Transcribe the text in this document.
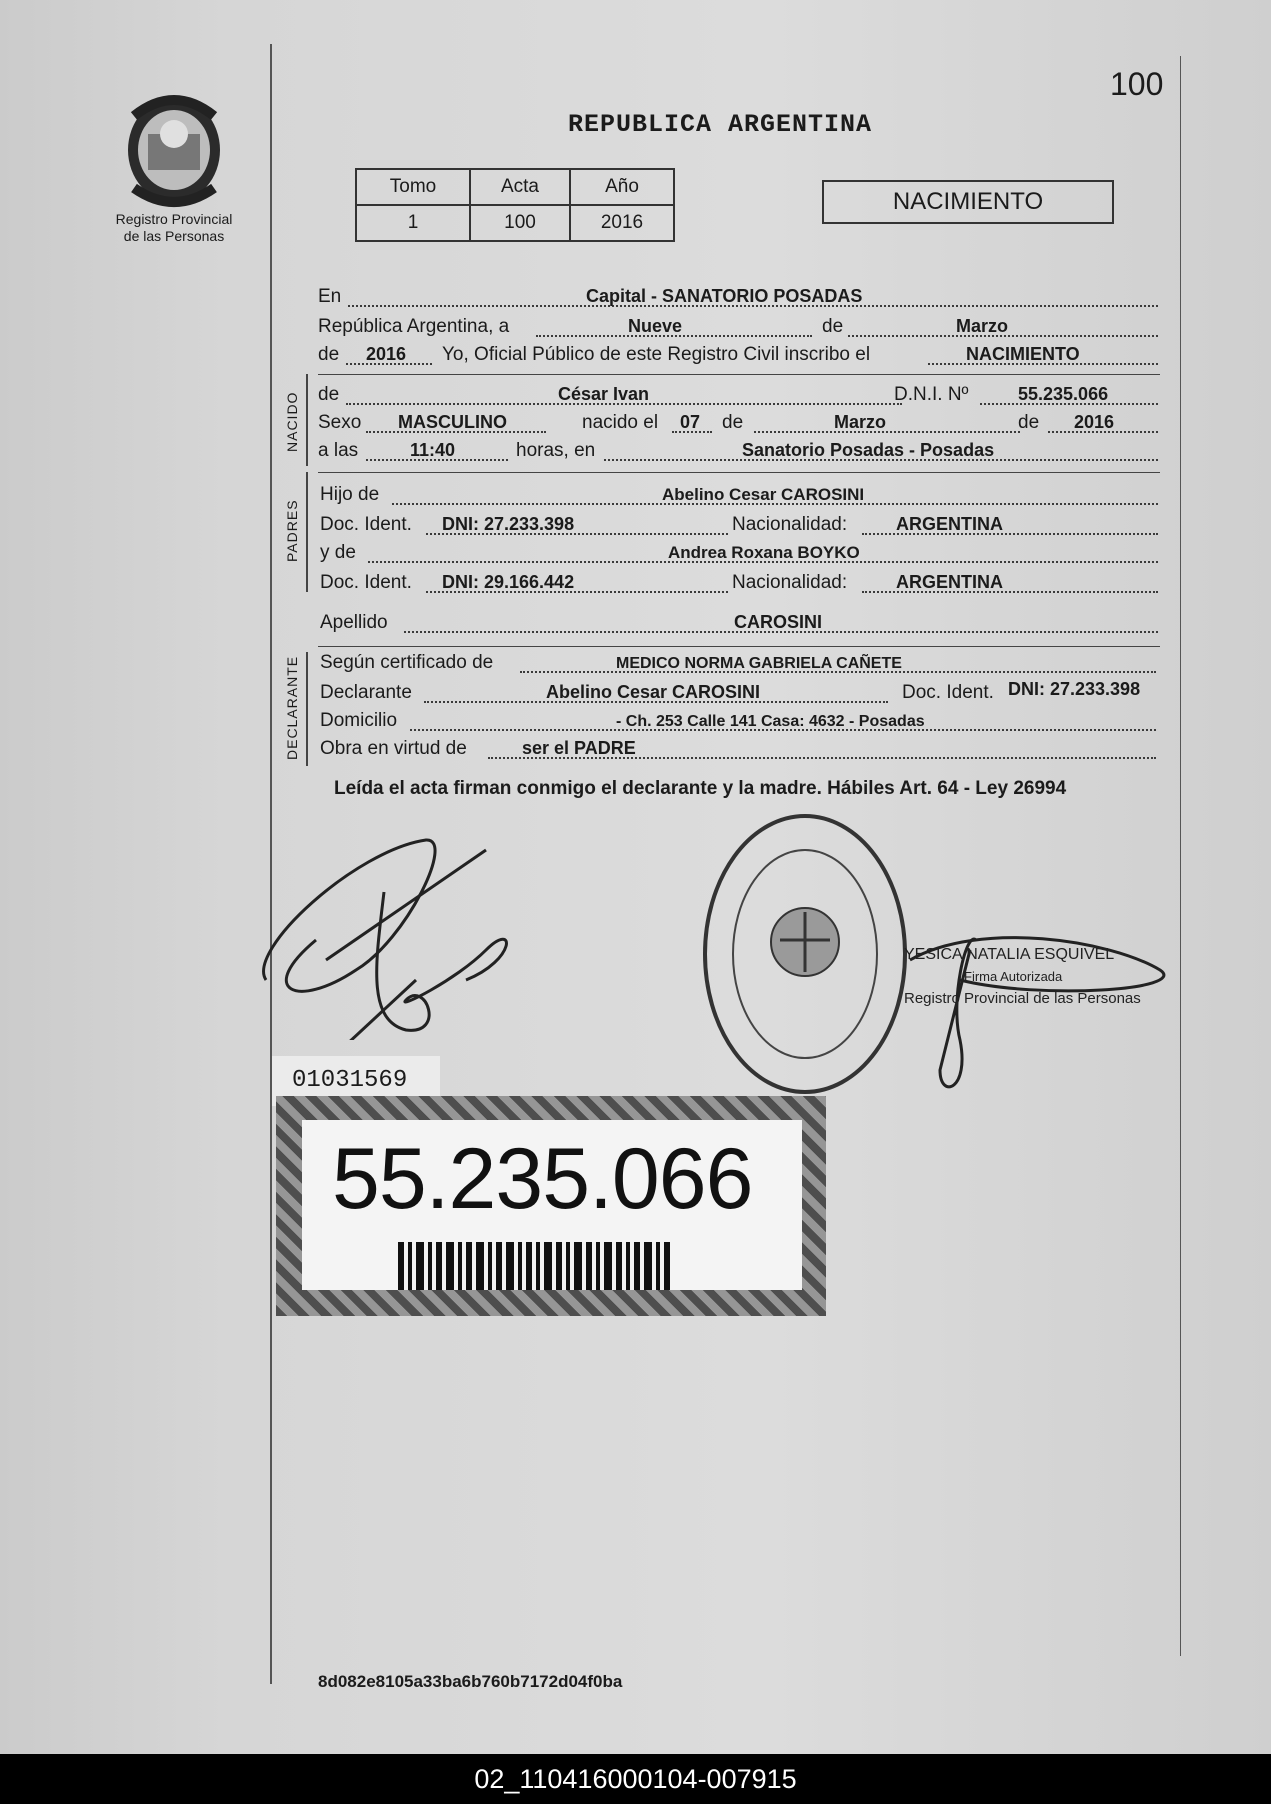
Registro Provincial
de las Personas
100
REPUBLICA ARGENTINA
Tomo	Acta	Año
1	100	2016
NACIMIENTO
En	Capital - SANATORIO POSADAS
República Argentina, a	Nueve	de	Marzo
de 2016 Yo, Oficial Público de este Registro Civil inscribo el	NACIMIENTO
NACIDO de	César Ivan	D.N.I. Nº	55.235.066
Sexo MASCULINO	nacido el 07 de	Marzo	de 2016
a las	11:40	horas, en	Sanatorio Posadas - Posadas
PADRES
Hijo de	Abelino Cesar CAROSINI
Doc. Ident. DNI: 27.233.398	Nacionalidad:	ARGENTINA
y de	Andrea Roxana BOYKO
Doc. Ident. DNI: 29.166.442	Nacionalidad:	ARGENTINA
Apellido	CAROSINI
DECLARANTE Según certificado de	MEDICO NORMA GABRIELA CAÑETE
Declarante	Abelino Cesar CAROSINI	Doc. Ident. DNI: 27.233.398
Domicilio	- Ch. 253 Calle 141 Casa: 4632 - Posadas
Obra en virtud de	ser el PADRE
Leída el acta firman conmigo el declarante y la madre. Hábiles Art. 64 - Ley 26994
YESICA NATALIA ESQUIVEL
Firma Autorizada
Registro Provincial de las Personas
01031569
55.235.066
8d082e8105a33ba6b760b7172d04f0ba
02_110416000104-007915
